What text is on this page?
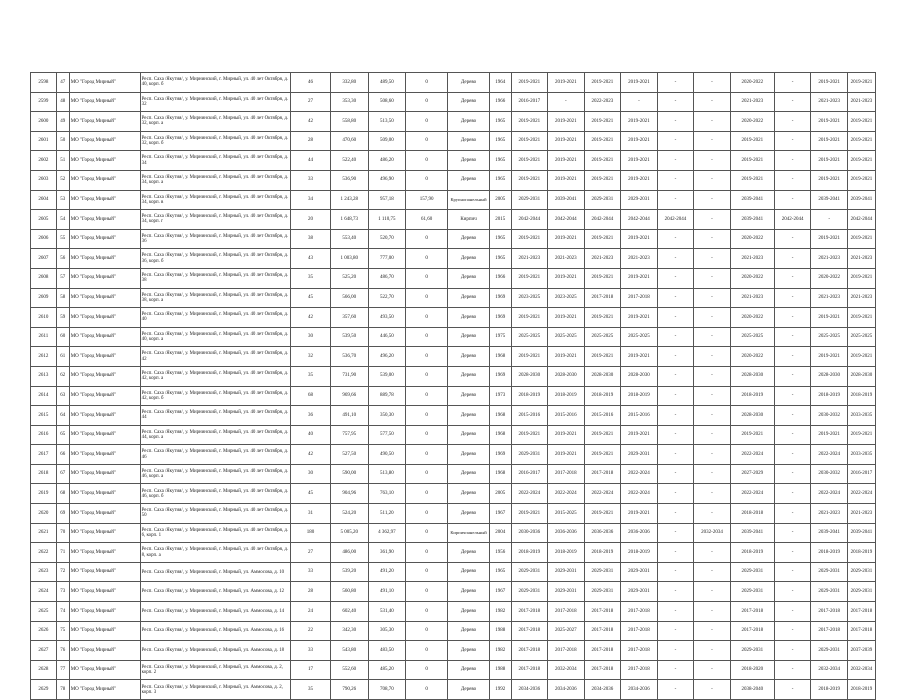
2598	47	МО "Город Мирный"	Респ. Саха /Якутия/, у. Мирнинский, г. Мирный, ул. 40 лет Октября, д. 40, корп. б	46	332,80	489,50	0	Дерево	1964	2019-2021	2019-2021	2019-2021	2019-2021	-	-	2020-2022	-	2019-2021	2019-2021
2599	48	МО "Город Мирный"	Респ. Саха /Якутия/, у. Мирнинский, г. Мирный, ул. 40 лет Октября, д. 32	27	353,30	508,60	0	Дерево	1966	2016-2017	-	2022-2023	-	-	-	2021-2023	-	2021-2023	2021-2023
2600	49	МО "Город Мирный"	Респ. Саха /Якутия/, у. Мирнинский, г. Мирный, ул. 40 лет Октября, д. 32, корп. а	42	558,80	513,50	0	Дерево	1965	2019-2021	2019-2021	2019-2021	2019-2021	-	-	2020-2022	-	2019-2021	2019-2021
2601	50	МО "Город Мирный"	Респ. Саха /Якутия/, у. Мирнинский, г. Мирный, ул. 40 лет Октября, д. 32, корп. б	28	470,60	509,00	0	Дерево	1965	2019-2021	2019-2021	2019-2021	2019-2021	-	-	2019-2021	-	2019-2021	2019-2021
2602	51	МО "Город Мирный"	Респ. Саха /Якутия/, у. Мирнинский, г. Мирный, ул. 40 лет Октября, д. 34	44	522,40	486,20	0	Дерево	1965	2019-2021	2019-2021	2019-2021	2019-2021	-	-	2019-2021	-	2019-2021	2019-2021
2603	52	МО "Город Мирный"	Респ. Саха /Якутия/, у. Мирнинский, г. Мирный, ул. 40 лет Октября, д. 34, корп. а	33	536,90	496,90	0	Дерево	1965	2019-2021	2019-2021	2019-2021	2019-2021	-	-	2019-2021	-	2019-2021	2019-2021
2604	53	МО "Город Мирный"	Респ. Саха /Якутия/, у. Мирнинский, г. Мирный, ул. 40 лет Октября, д. 34, корп. в	34	1 243,28	957,18	157,90	Крупнопанельный	2005	2029-2031	2039-2041	2029-2031	2029-2031	-	-	2039-2041	-	2039-2041	2039-2041
2605	54	МО "Город Мирный"	Респ. Саха /Якутия/, у. Мирнинский, г. Мирный, ул. 40 лет Октября, д. 34, корп. г	20	1 648,73	1 110,75	61,60	Кирпич	2015	2042-2044	2042-2044	2042-2044	2042-2044	2042-2044	-	2039-2041	2042-2044	-	2042-2044
2606	55	МО "Город Мирный"	Респ. Саха /Якутия/, у. Мирнинский, г. Мирный, ул. 40 лет Октября, д. 36	38	553,40	520,70	0	Дерево	1965	2019-2021	2019-2021	2019-2021	2019-2021	-	-	2020-2022	-	2019-2021	2019-2021
2607	56	МО "Город Мирный"	Респ. Саха /Якутия/, у. Мирнинский, г. Мирный, ул. 40 лет Октября, д. 36, корп. б	43	1 003,80	777,00	0	Дерево	1965	2021-2023	2021-2023	2021-2023	2021-2023	-	-	2021-2023	-	2021-2023	2021-2023
2608	57	МО "Город Мирный"	Респ. Саха /Якутия/, у. Мирнинский, г. Мирный, ул. 40 лет Октября, д. 38	35	525,20	486,70	0	Дерево	1966	2019-2021	2019-2021	2019-2021	2019-2021	-	-	2020-2022	-	2020-2022	2019-2021
2609	58	МО "Город Мирный"	Респ. Саха /Якутия/, у. Мирнинский, г. Мирный, ул. 40 лет Октября, д. 38, корп. а	45	566,00	522,70	0	Дерево	1969	2023-2025	2023-2025	2017-2018	2017-2018	-	-	2021-2023	-	2021-2023	2021-2023
2610	59	МО "Город Мирный"	Респ. Саха /Якутия/, у. Мирнинский, г. Мирный, ул. 40 лет Октября, д. 40	42	357,60	493,50	0	Дерево	1969	2019-2021	2019-2021	2019-2021	2019-2021	-	-	2020-2022	-	2019-2021	2019-2021
2611	60	МО "Город Мирный"	Респ. Саха /Якутия/, у. Мирнинский, г. Мирный, ул. 40 лет Октября, д. 40, корп. а	30	539,50	446,50	0	Дерево	1975	2025-2025	2025-2025	2025-2025	2025-2025	-	-	2025-2025	-	2025-2025	2025-2025
2612	61	МО "Город Мирный"	Респ. Саха /Якутия/, у. Мирнинский, г. Мирный, ул. 40 лет Октября, д. 42	32	536,70	496,20	0	Дерево	1968	2019-2021	2019-2021	2019-2021	2019-2021	-	-	2020-2022	-	2019-2021	2019-2021
2613	62	МО "Город Мирный"	Респ. Саха /Якутия/, у. Мирнинский, г. Мирный, ул. 40 лет Октября, д. 42, корп. а	35	731,90	539,00	0	Дерево	1969	2028-2030	2028-2030	2028-2030	2028-2030	-	-	2028-2030	-	2028-2030	2028-2030
2614	63	МО "Город Мирный"	Респ. Саха /Якутия/, у. Мирнинский, г. Мирный, ул. 40 лет Октября, д. 42, корп. б	68	969,66	889,78	0	Дерево	1973	2018-2019	2018-2019	2018-2019	2018-2019	-	-	2018-2019	-	2018-2019	2018-2019
2615	64	МО "Город Мирный"	Респ. Саха /Якутия/, у. Мирнинский, г. Мирный, ул. 40 лет Октября, д. 44	36	491,10	350,30	0	Дерево	1968	2015-2016	2015-2016	2015-2016	2015-2016	-	-	2028-2030	-	2030-2032	2033-2035
2616	65	МО "Город Мирный"	Респ. Саха /Якутия/, у. Мирнинский, г. Мирный, ул. 40 лет Октября, д. 44, корп. а	40	757,95	577,50	0	Дерево	1968	2019-2021	2019-2021	2019-2021	2019-2021	-	-	2019-2021	-	2019-2021	2019-2021
2617	66	МО "Город Мирный"	Респ. Саха /Якутия/, у. Мирнинский, г. Мирный, ул. 40 лет Октября, д. 46	42	527,50	490,50	0	Дерево	1969	2029-2031	2019-2021	2019-2021	2029-2031	-	-	2022-2024	-	2022-2024	2033-2035
2618	67	МО "Город Мирный"	Респ. Саха /Якутия/, у. Мирнинский, г. Мирный, ул. 40 лет Октября, д. 46, корп. а	30	590,00	513,80	0	Дерево	1968	2016-2017	2017-2018	2017-2018	2022-2024	-	-	2027-2029	-	2030-2032	2016-2017
2619	68	МО "Город Мирный"	Респ. Саха /Якутия/, у. Мирнинский, г. Мирный, ул. 40 лет Октября, д. 46, корп. б	45	904,96	763,10	0	Дерево	2005	2022-2024	2022-2024	2022-2024	2022-2024	-	-	2022-2024	-	2022-2024	2022-2024
2620	69	МО "Город Мирный"	Респ. Саха /Якутия/, у. Мирнинский, г. Мирный, ул. 40 лет Октября, д. 50	31	524,20	511,20	0	Дерево	1967	2019-2021	2015-2025	2019-2021	2019-2021	-	-	2018-2018	-	2021-2023	2021-2023
2621	70	МО "Город Мирный"	Респ. Саха /Якутия/, у. Мирнинский, г. Мирный, ул. 40 лет Октября, д. 6, корп. 1	180	5 005,20	4 362,97	0	Кирпичпанельный	2004	2030-2036	2036-2036	2036-2036	2036-2036	-	2032-2034	2039-2041	-	2039-2041	2039-2041
2622	71	МО "Город Мирный"	Респ. Саха /Якутия/, у. Мирнинский, г. Мирный, ул. 40 лет Октября, д. 8, корп. а	27	486,00	361,90	0	Дерево	1956	2018-2019	2018-2019	2018-2019	2018-2019	-	-	2018-2019	-	2018-2019	2018-2019
2623	72	МО "Город Мирный"	Респ. Саха /Якутия/, у. Мирнинский, г. Мирный, ул. Аммосова, д. 10	33	539,20	491,20	0	Дерево	1965	2029-2031	2029-2031	2029-2031	2029-2031	-	-	2029-2031	-	2029-2031	2029-2031
2624	73	МО "Город Мирный"	Респ. Саха /Якутия/, у. Мирнинский, г. Мирный, ул. Аммосова, д. 12	28	560,80	491,10	0	Дерево	1967	2029-2031	2029-2031	2029-2031	2029-2031	-	-	2029-2031	-	2029-2031	2029-2031
2625	74	МО "Город Мирный"	Респ. Саха /Якутия/, у. Мирнинский, г. Мирный, ул. Аммосова, д. 14	24	602,40	531,40	0	Дерево	1982	2017-2018	2017-2018	2017-2018	2017-2018	-	-	2017-2018	-	2017-2018	2017-2018
2626	75	МО "Город Мирный"	Респ. Саха /Якутия/, у. Мирнинский, г. Мирный, ул. Аммосова, д. 16	22	342,30	305,30	0	Дерево	1988	2017-2018	2025-2027	2017-2018	2017-2018	-	-	2017-2018	-	2017-2018	2017-2018
2627	76	МО "Город Мирный"	Респ. Саха /Якутия/, у. Мирнинский, г. Мирный, ул. Аммосова, д. 18	33	543,80	483,50	0	Дерево	1982	2017-2018	2017-2018	2017-2018	2017-2018	-	-	2029-2031	-	2029-2031	2037-2039
2628	77	МО "Город Мирный"	Респ. Саха /Якутия/, у. Мирнинский, г. Мирный, ул. Аммосова, д. 2, корп. 2	17	552,60	485,20	0	Дерево	1988	2017-2018	2032-2034	2017-2018	2017-2018	-	-	2018-2020	-	2032-2034	2032-2034
2629	78	МО "Город Мирный"	Респ. Саха /Якутия/, у. Мирнинский, г. Мирный, ул. Аммосова, д. 2, корп. 3	35	790,26	708,70	0	Дерево	1992	2034-2036	2034-2036	2034-2036	2034-2036	-	-	2038-2040	-	2018-2019	2018-2019
